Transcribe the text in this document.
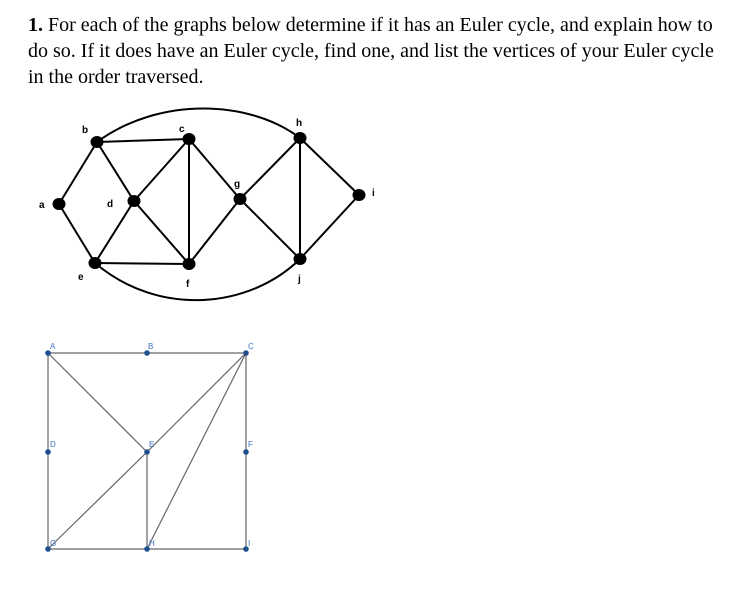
1. For each of the graphs below determine if it has an Euler cycle, and explain how to do so. If it does have an Euler cycle, find one, and list the vertices of your Euler cycle in the order traversed.

a
b	c
d
e
f
g
h
i
j
A	B	C
D	E	F
G	H	I
